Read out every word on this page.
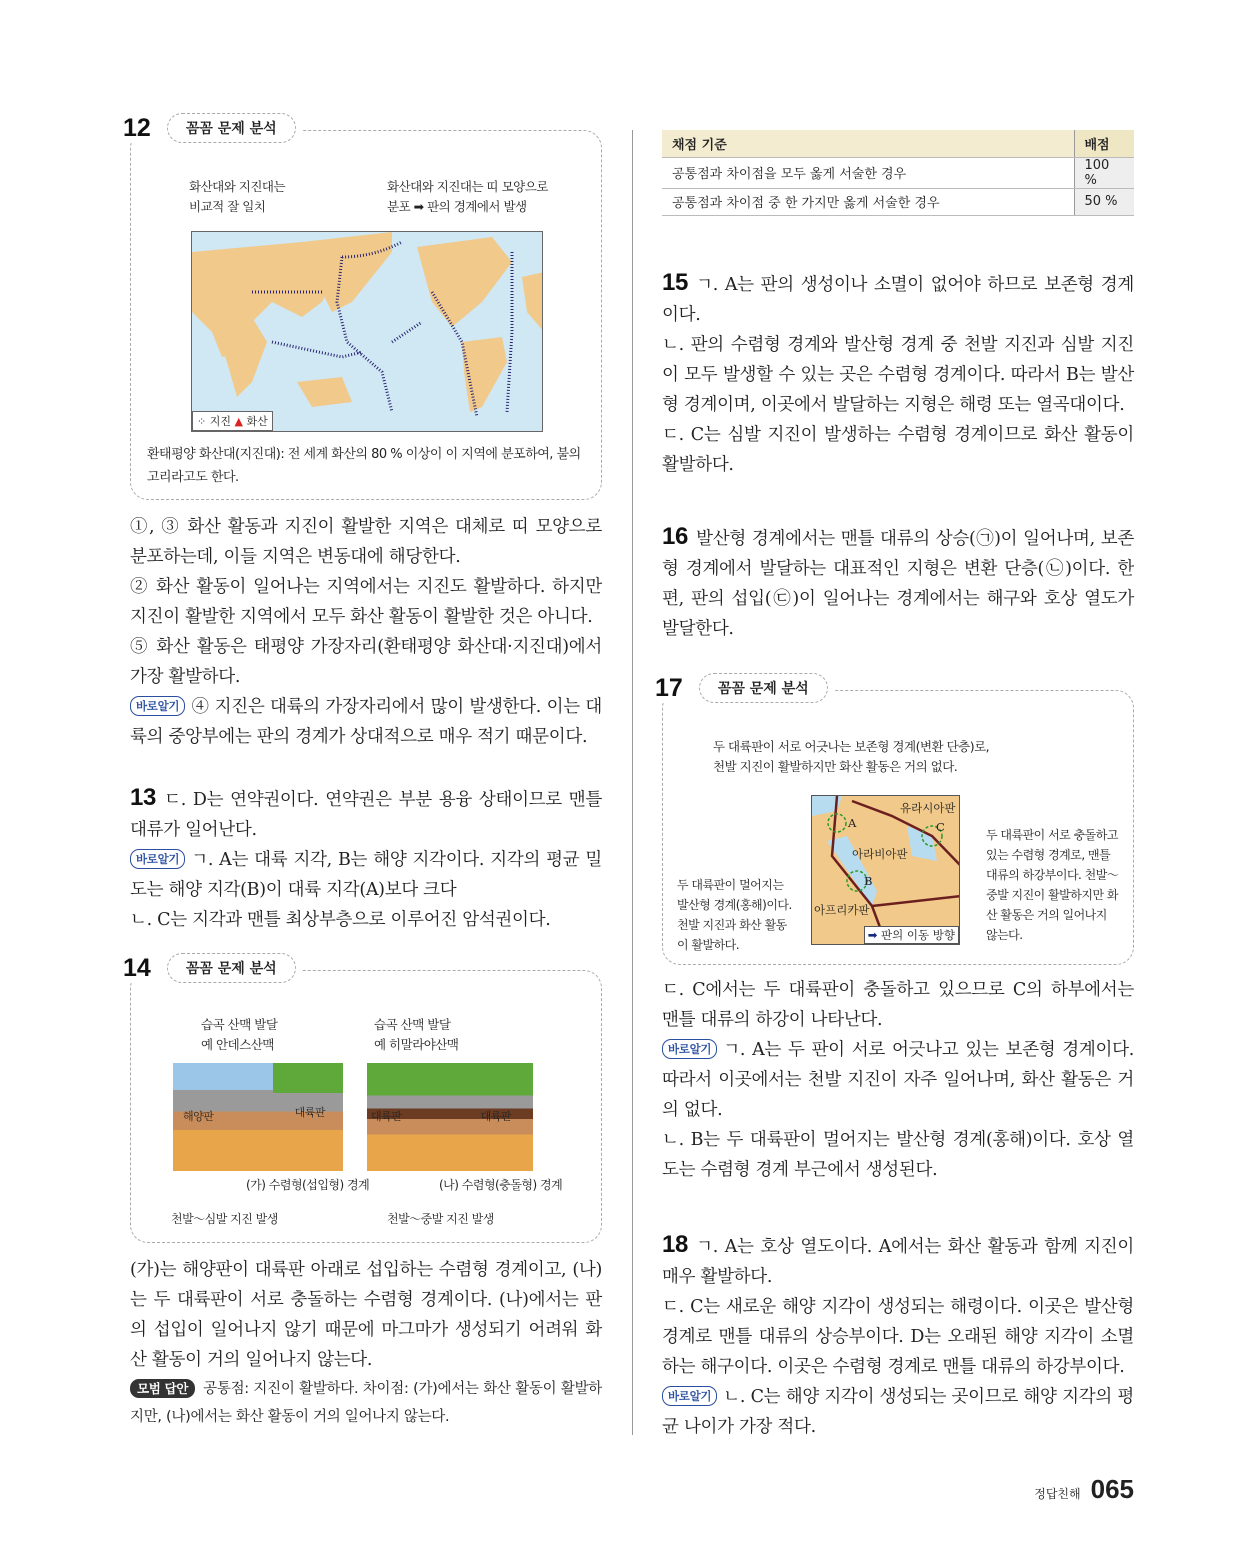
12	꼼꼼 문제 분석
화산대와 지진대는
비교적 잘 일치
화산대와 지진대는 띠 모양으로
분포 ➡ 판의 경계에서 발생
⁘ 지진 ▲ 화산
환태평양 화산대(지진대): 전 세계 화산의 80 % 이상이 이 지역에 분포하여, 불의 고리라고도 한다.

①, ③ 화산 활동과 지진이 활발한 지역은 대체로 띠 모양으로 분포하는데, 이들 지역은 변동대에 해당한다.

② 화산 활동이 일어나는 지역에서는 지진도 활발하다. 하지만 지진이 활발한 지역에서 모두 화산 활동이 활발한 것은 아니다.

⑤ 화산 활동은 태평양 가장자리(환태평양 화산대·지진대)에서 가장 활발하다.

바로알기 ④ 지진은 대륙의 가장자리에서 많이 발생한다. 이는 대륙의 중앙부에는 판의 경계가 상대적으로 매우 적기 때문이다.

13 ㄷ. D는 연약권이다. 연약권은 부분 용융 상태이므로 맨틀 대류가 일어난다.

바로알기 ㄱ. A는 대륙 지각, B는 해양 지각이다. 지각의 평균 밀도는 해양 지각(B)이 대륙 지각(A)보다 크다

ㄴ. C는 지각과 맨틀 최상부층으로 이루어진 암석권이다.

14	꼼꼼 문제 분석
습곡 산맥 발달
예 안데스산맥
습곡 산맥 발달
예 히말라야산맥
해양판	대륙판	대륙판	대륙판
(가) 수렴형(섭입형) 경계	(나) 수렴형(충돌형) 경계
천발～심발 지진 발생	천발～중발 지진 발생

(가)는 해양판이 대륙판 아래로 섭입하는 수렴형 경계이고, (나)는 두 대륙판이 서로 충돌하는 수렴형 경계이다. (나)에서는 판의 섭입이 일어나지 않기 때문에 마그마가 생성되기 어려워 화산 활동이 거의 일어나지 않는다.

모범 답안 공통점: 지진이 활발하다. 차이점: (가)에서는 화산 활동이 활발하지만, (나)에서는 화산 활동이 거의 일어나지 않는다.

채점 기준	배점
공통점과 차이점을 모두 옳게 서술한 경우	100 %
공통점과 차이점 중 한 가지만 옳게 서술한 경우	50 %

15 ㄱ. A는 판의 생성이나 소멸이 없어야 하므로 보존형 경계이다.

ㄴ. 판의 수렴형 경계와 발산형 경계 중 천발 지진과 심발 지진이 모두 발생할 수 있는 곳은 수렴형 경계이다. 따라서 B는 발산형 경계이며, 이곳에서 발달하는 지형은 해령 또는 열곡대이다.

ㄷ. C는 심발 지진이 발생하는 수렴형 경계이므로 화산 활동이 활발하다.

16 발산형 경계에서는 맨틀 대류의 상승(㉠)이 일어나며, 보존형 경계에서 발달하는 대표적인 지형은 변환 단층(㉡)이다. 한편, 판의 섭입(㉢)이 일어나는 경계에서는 해구와 호상 열도가 발달한다.

17	꼼꼼 문제 분석
두 대륙판이 서로 어긋나는 보존형 경계(변환 단층)로,
천발 지진이 활발하지만 화산 활동은 거의 없다.
두 대륙판이 멀어지는 발산형 경계(홍해)이다. 천발 지진과 화산 활동이 활발하다.
두 대륙판이 서로 충돌하고 있는 수렴형 경계로, 맨틀 대류의 하강부이다. 천발～중발 지진이 활발하지만 화산 활동은 거의 일어나지 않는다.
유라시아판
아라비아판
아프리카판
A
B
C
➡ 판의 이동 방향

ㄷ. C에서는 두 대륙판이 충돌하고 있으므로 C의 하부에서는 맨틀 대류의 하강이 나타난다.

바로알기 ㄱ. A는 두 판이 서로 어긋나고 있는 보존형 경계이다. 따라서 이곳에서는 천발 지진이 자주 일어나며, 화산 활동은 거의 없다.

ㄴ. B는 두 대륙판이 멀어지는 발산형 경계(홍해)이다. 호상 열도는 수렴형 경계 부근에서 생성된다.

18 ㄱ. A는 호상 열도이다. A에서는 화산 활동과 함께 지진이 매우 활발하다.

ㄷ. C는 새로운 해양 지각이 생성되는 해령이다. 이곳은 발산형 경계로 맨틀 대류의 상승부이다. D는 오래된 해양 지각이 소멸하는 해구이다. 이곳은 수렴형 경계로 맨틀 대류의 하강부이다.

바로알기 ㄴ. C는 해양 지각이 생성되는 곳이므로 해양 지각의 평균 나이가 가장 적다.

정답친해 065
